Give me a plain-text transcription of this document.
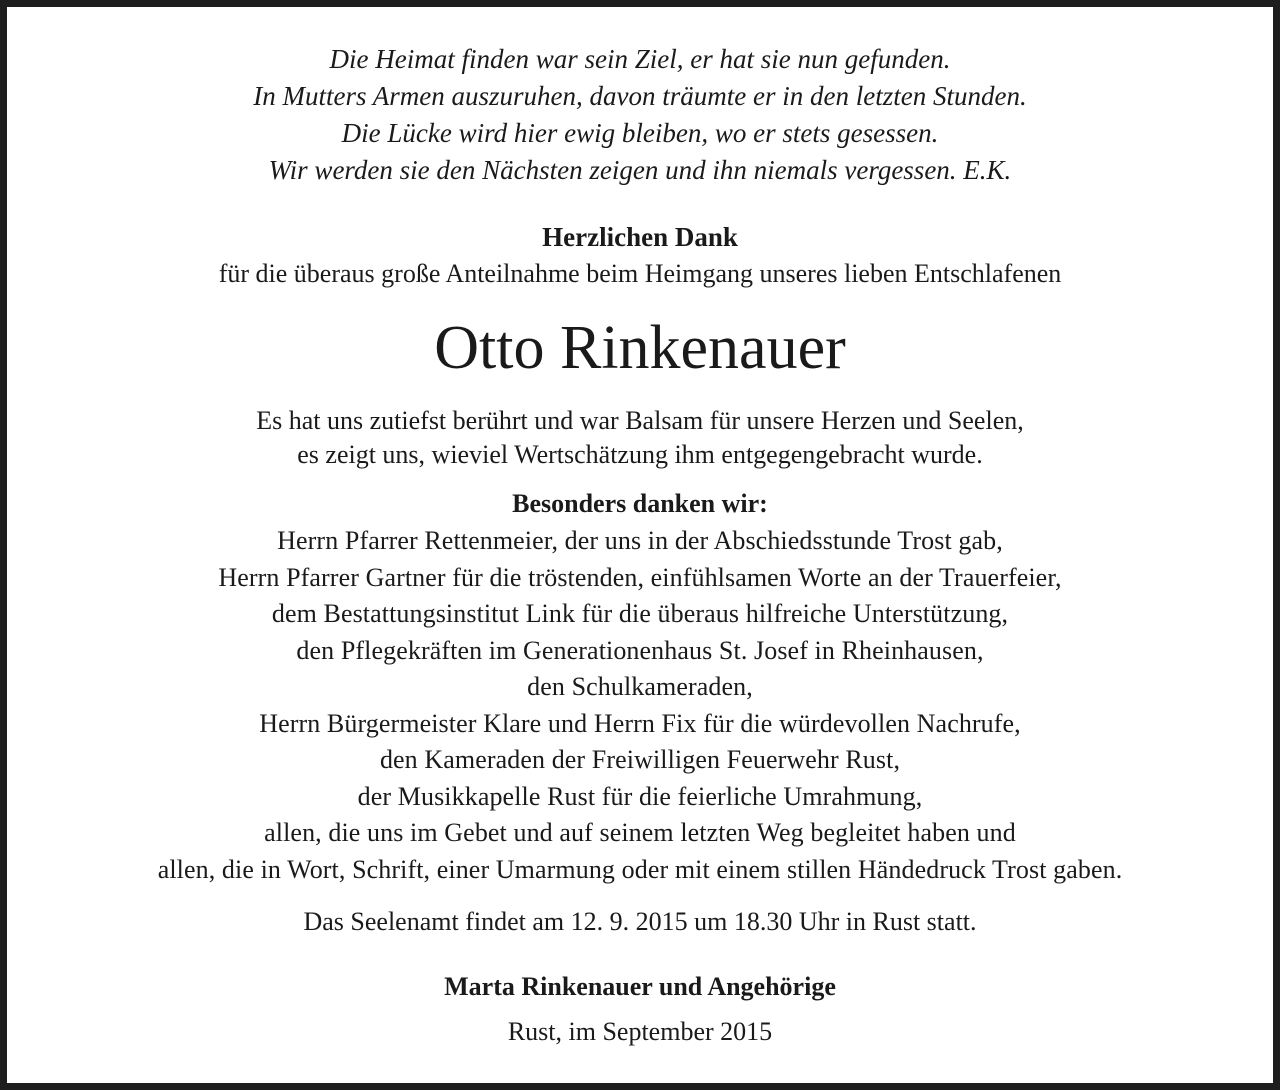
Die Heimat finden war sein Ziel, er hat sie nun gefunden.
In Mutters Armen auszuruhen, davon träumte er in den letzten Stunden.
Die Lücke wird hier ewig bleiben, wo er stets gesessen.
Wir werden sie den Nächsten zeigen und ihn niemals vergessen. E.K.
Herzlichen Dank
für die überaus große Anteilnahme beim Heimgang unseres lieben Entschlafenen
Otto Rinkenauer
Es hat uns zutiefst berührt und war Balsam für unsere Herzen und Seelen,
es zeigt uns, wieviel Wertschätzung ihm entgegengebracht wurde.
Besonders danken wir:
Herrn Pfarrer Rettenmeier, der uns in der Abschiedsstunde Trost gab,
Herrn Pfarrer Gartner für die tröstenden, einfühlsamen Worte an der Trauerfeier,
dem Bestattungsinstitut Link für die überaus hilfreiche Unterstützung,
den Pflegekräften im Generationenhaus St. Josef in Rheinhausen,
den Schulkameraden,
Herrn Bürgermeister Klare und Herrn Fix für die würdevollen Nachrufe,
den Kameraden der Freiwilligen Feuerwehr Rust,
der Musikkapelle Rust für die feierliche Umrahmung,
allen, die uns im Gebet und auf seinem letzten Weg begleitet haben und
allen, die in Wort, Schrift, einer Umarmung oder mit einem stillen Händedruck Trost gaben.
Das Seelenamt findet am 12. 9. 2015 um 18.30 Uhr in Rust statt.
Marta Rinkenauer und Angehörige
Rust, im September 2015
